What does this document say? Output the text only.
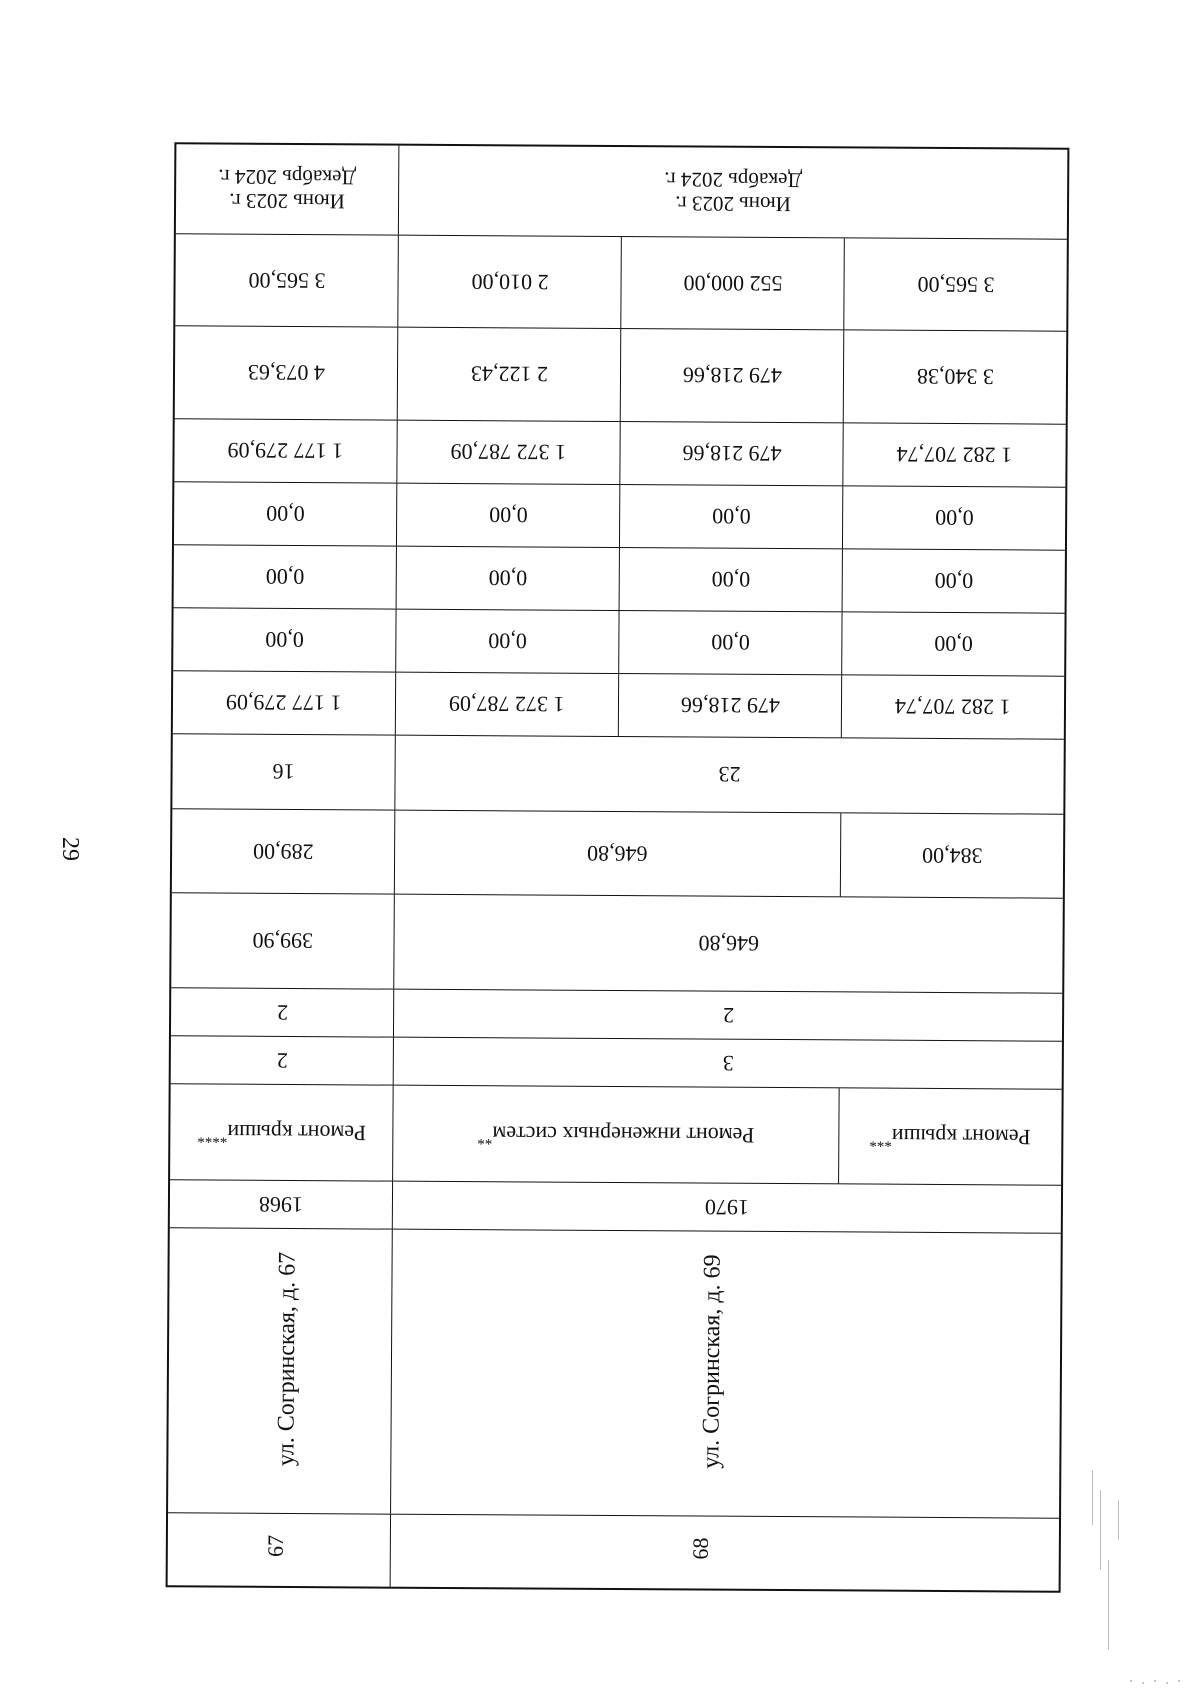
29
Июнь 2023 г.
Декабрь 2024 г.
Июнь 2023 г.
Декабрь 2024 г.
3 565,00	2 010,00	552 000,00	3 565,00
4 073,63	2 122,43	479 218,66	3 340,38
1 177 279,09	1 372 787,09	479 218,66	1 282 707,74
0,00	0,00	0,00	0,00
0,00	0,00	0,00	0,00
0,00	0,00	0,00	0,00
1 177 279,09	1 372 787,09	479 218,66	1 282 707,74
16	23
289,00	646,80	384,00
399,90	646,80
2	2
2	3
Ремонт крыши****	Ремонт инженерных систем**	Ремонт крыши***
1968	1970
ул. Согринская, д. 67	ул. Согринская, д. 69
67	68
